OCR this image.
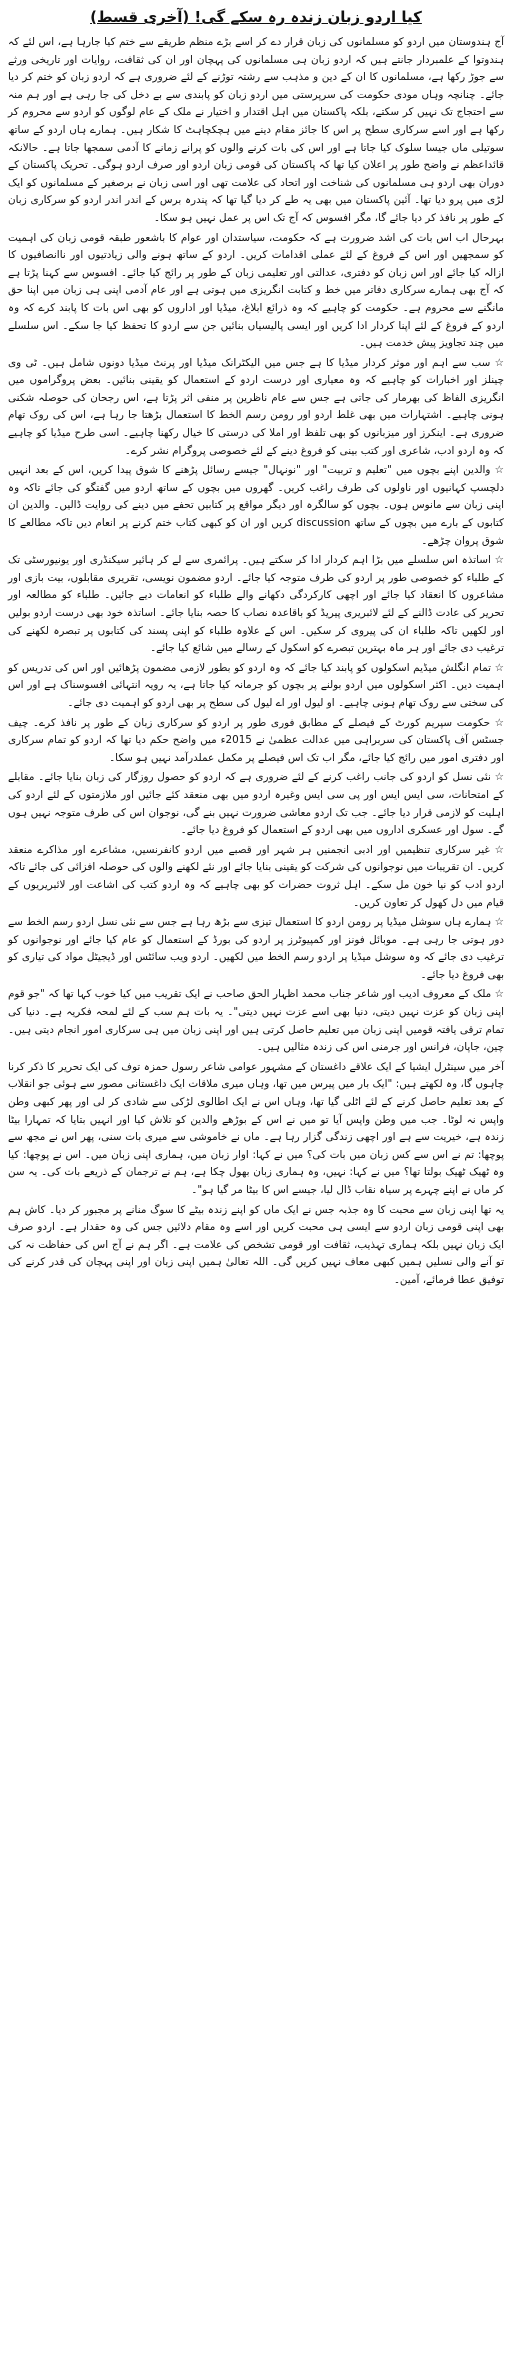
کیا اردو زبان زندہ رہ سکے گی! (آخری قسط)

آج ہندوستان میں اردو کو مسلمانوں کی زبان قرار دے کر اسے بڑے منظم طریقے سے ختم کیا جارہا ہے، اس لئے کہ ہندوتوا کے علمبردار جانتے ہیں کہ اردو زبان ہی مسلمانوں کی پہچان اور ان کی ثقافت، روایات اور تاریخی ورثے سے جوڑ رکھا ہے، مسلمانوں کا ان کے دین و مذہب سے رشتہ توڑنے کے لئے ضروری ہے کہ اردو زبان کو ختم کر دیا جائے۔ چنانچہ وہاں مودی حکومت کی سرپرستی میں اردو زبان کو پابندی سے بے دخل کی جا رہی ہے اور ہم منہ سے احتجاج تک نہیں کر سکتے، بلکہ پاکستان میں اہل اقتدار و اختیار نے ملک کے عام لوگوں کو اردو سے محروم کر رکھا ہے اور اسے سرکاری سطح پر اس کا جائز مقام دینے میں ہچکچاہٹ کا شکار ہیں۔ ہمارے ہاں اردو کے ساتھ سوتیلی ماں جیسا سلوک کیا جاتا ہے اور اس کی بات کرنے والوں کو پرانے زمانے کا آدمی سمجھا جاتا ہے۔ حالانکہ قائداعظم نے واضح طور پر اعلان کیا تھا کہ پاکستان کی قومی زبان اردو اور صرف اردو ہوگی۔ تحریک پاکستان کے دوران بھی اردو ہی مسلمانوں کی شناخت اور اتحاد کی علامت تھی اور اسی زبان نے برصغیر کے مسلمانوں کو ایک لڑی میں پرو دیا تھا۔ آئین پاکستان میں بھی یہ طے کر دیا گیا تھا کہ پندرہ برس کے اندر اندر اردو کو سرکاری زبان کے طور پر نافذ کر دیا جائے گا، مگر افسوس کہ آج تک اس پر عمل نہیں ہو سکا۔

بہرحال اب اس بات کی اشد ضرورت ہے کہ حکومت، سیاستدان اور عوام کا باشعور طبقہ قومی زبان کی اہمیت کو سمجھیں اور اس کے فروغ کے لئے عملی اقدامات کریں۔ اردو کے ساتھ ہونے والی زیادتیوں اور ناانصافیوں کا ازالہ کیا جائے اور اس زبان کو دفتری، عدالتی اور تعلیمی زبان کے طور پر رائج کیا جائے۔ افسوس سے کہنا پڑتا ہے کہ آج بھی ہمارے سرکاری دفاتر میں خط و کتابت انگریزی میں ہوتی ہے اور عام آدمی اپنی ہی زبان میں اپنا حق مانگنے سے محروم ہے۔ حکومت کو چاہیے کہ وہ ذرائع ابلاغ، میڈیا اور اداروں کو بھی اس بات کا پابند کرے کہ وہ اردو کے فروغ کے لئے اپنا کردار ادا کریں اور ایسی پالیسیاں بنائیں جن سے اردو کا تحفظ کیا جا سکے۔ اس سلسلے میں چند تجاویز پیش خدمت ہیں۔

☆ سب سے اہم اور موثر کردار میڈیا کا ہے جس میں الیکٹرانک میڈیا اور پرنٹ میڈیا دونوں شامل ہیں۔ ٹی وی چینلز اور اخبارات کو چاہیے کہ وہ معیاری اور درست اردو کے استعمال کو یقینی بنائیں۔ بعض پروگراموں میں انگریزی الفاظ کی بھرمار کی جاتی ہے جس سے عام ناظرین پر منفی اثر پڑتا ہے، اس رجحان کی حوصلہ شکنی ہونی چاہیے۔ اشتہارات میں بھی غلط اردو اور رومن رسم الخط کا استعمال بڑھتا جا رہا ہے، اس کی روک تھام ضروری ہے۔ اینکرز اور میزبانوں کو بھی تلفظ اور املا کی درستی کا خیال رکھنا چاہیے۔ اسی طرح میڈیا کو چاہیے کہ وہ اردو ادب، شاعری اور کتب بینی کو فروغ دینے کے لئے خصوصی پروگرام نشر کرے۔

☆ والدین اپنے بچوں میں "تعلیم و تربیت" اور "نونہال" جیسے رسائل پڑھنے کا شوق پیدا کریں، اس کے بعد انہیں دلچسپ کہانیوں اور ناولوں کی طرف راغب کریں۔ گھروں میں بچوں کے ساتھ اردو میں گفتگو کی جائے تاکہ وہ اپنی زبان سے مانوس ہوں۔ بچوں کو سالگرہ اور دیگر مواقع پر کتابیں تحفے میں دینے کی روایت ڈالیں۔ والدین ان کتابوں کے بارے میں بچوں کے ساتھ discussion کریں اور ان کو کبھی کتاب ختم کرنے پر انعام دیں تاکہ مطالعے کا شوق پروان چڑھے۔

☆ اساتذہ اس سلسلے میں بڑا اہم کردار ادا کر سکتے ہیں۔ پرائمری سے لے کر ہائیر سیکنڈری اور یونیورسٹی تک کے طلباء کو خصوصی طور پر اردو کی طرف متوجہ کیا جائے۔ اردو مضمون نویسی، تقریری مقابلوں، بیت بازی اور مشاعروں کا انعقاد کیا جائے اور اچھی کارکردگی دکھانے والے طلباء کو انعامات دیے جائیں۔ طلباء کو مطالعہ اور تحریر کی عادت ڈالنے کے لئے لائبریری پیریڈ کو باقاعدہ نصاب کا حصہ بنایا جائے۔ اساتذہ خود بھی درست اردو بولیں اور لکھیں تاکہ طلباء ان کی پیروی کر سکیں۔ اس کے علاوہ طلباء کو اپنی پسند کی کتابوں پر تبصرہ لکھنے کی ترغیب دی جائے اور ہر ماہ بہترین تبصرے کو اسکول کے رسالے میں شائع کیا جائے۔

☆ تمام انگلش میڈیم اسکولوں کو پابند کیا جائے کہ وہ اردو کو بطور لازمی مضمون پڑھائیں اور اس کی تدریس کو اہمیت دیں۔ اکثر اسکولوں میں اردو بولنے پر بچوں کو جرمانہ کیا جاتا ہے، یہ رویہ انتہائی افسوسناک ہے اور اس کی سختی سے روک تھام ہونی چاہیے۔ او لیول اور اے لیول کی سطح پر بھی اردو کو اہمیت دی جائے۔

☆ حکومت سپریم کورٹ کے فیصلے کے مطابق فوری طور پر اردو کو سرکاری زبان کے طور پر نافذ کرے۔ چیف جسٹس آف پاکستان کی سربراہی میں عدالت عظمیٰ نے 2015ء میں واضح حکم دیا تھا کہ اردو کو تمام سرکاری اور دفتری امور میں رائج کیا جائے، مگر اب تک اس فیصلے پر مکمل عملدرآمد نہیں ہو سکا۔

☆ نئی نسل کو اردو کی جانب راغب کرنے کے لئے ضروری ہے کہ اردو کو حصول روزگار کی زبان بنایا جائے۔ مقابلے کے امتحانات، سی ایس ایس اور پی سی ایس وغیرہ اردو میں بھی منعقد کئے جائیں اور ملازمتوں کے لئے اردو کی اہلیت کو لازمی قرار دیا جائے۔ جب تک اردو معاشی ضرورت نہیں بنے گی، نوجوان اس کی طرف متوجہ نہیں ہوں گے۔ سول اور عسکری اداروں میں بھی اردو کے استعمال کو فروغ دیا جائے۔

☆ غیر سرکاری تنظیمیں اور ادبی انجمنیں ہر شہر اور قصبے میں اردو کانفرنسیں، مشاعرے اور مذاکرے منعقد کریں۔ ان تقریبات میں نوجوانوں کی شرکت کو یقینی بنایا جائے اور نئے لکھنے والوں کی حوصلہ افزائی کی جائے تاکہ اردو ادب کو نیا خون مل سکے۔ اہل ثروت حضرات کو بھی چاہیے کہ وہ اردو کتب کی اشاعت اور لائبریریوں کے قیام میں دل کھول کر تعاون کریں۔

☆ ہمارے ہاں سوشل میڈیا پر رومن اردو کا استعمال تیزی سے بڑھ رہا ہے جس سے نئی نسل اردو رسم الخط سے دور ہوتی جا رہی ہے۔ موبائل فونز اور کمپیوٹرز پر اردو کی بورڈ کے استعمال کو عام کیا جائے اور نوجوانوں کو ترغیب دی جائے کہ وہ سوشل میڈیا پر اردو رسم الخط میں لکھیں۔ اردو ویب سائٹس اور ڈیجیٹل مواد کی تیاری کو بھی فروغ دیا جائے۔

☆ ملک کے معروف ادیب اور شاعر جناب محمد اظہار الحق صاحب نے ایک تقریب میں کیا خوب کہا تھا کہ "جو قوم اپنی زبان کو عزت نہیں دیتی، دنیا بھی اسے عزت نہیں دیتی"۔ یہ بات ہم سب کے لئے لمحہ فکریہ ہے۔ دنیا کی تمام ترقی یافتہ قومیں اپنی زبان میں تعلیم حاصل کرتی ہیں اور اپنی زبان میں ہی سرکاری امور انجام دیتی ہیں۔ چین، جاپان، فرانس اور جرمنی اس کی زندہ مثالیں ہیں۔

آخر میں سینٹرل ایشیا کے ایک علاقے داغستان کے مشہور عوامی شاعر رسول حمزہ توف کی ایک تحریر کا ذکر کرنا چاہوں گا، وہ لکھتے ہیں: "ایک بار میں پیرس میں تھا، وہاں میری ملاقات ایک داغستانی مصور سے ہوئی جو انقلاب کے بعد تعلیم حاصل کرنے کے لئے اٹلی گیا تھا، وہاں اس نے ایک اطالوی لڑکی سے شادی کر لی اور پھر کبھی وطن واپس نہ لوٹا۔ جب میں وطن واپس آیا تو میں نے اس کے بوڑھے والدین کو تلاش کیا اور انہیں بتایا کہ تمہارا بیٹا زندہ ہے، خیریت سے ہے اور اچھی زندگی گزار رہا ہے۔ ماں نے خاموشی سے میری بات سنی، پھر اس نے مجھ سے پوچھا: تم نے اس سے کس زبان میں بات کی؟ میں نے کہا: اوار زبان میں، ہماری اپنی زبان میں۔ اس نے پوچھا: کیا وہ ٹھیک ٹھیک بولتا تھا؟ میں نے کہا: نہیں، وہ ہماری زبان بھول چکا ہے، ہم نے ترجمان کے ذریعے بات کی۔ یہ سن کر ماں نے اپنے چہرے پر سیاہ نقاب ڈال لیا، جیسے اس کا بیٹا مر گیا ہو"۔

یہ تھا اپنی زبان سے محبت کا وہ جذبہ جس نے ایک ماں کو اپنے زندہ بیٹے کا سوگ منانے پر مجبور کر دیا۔ کاش ہم بھی اپنی قومی زبان اردو سے ایسی ہی محبت کریں اور اسے وہ مقام دلائیں جس کی وہ حقدار ہے۔ اردو صرف ایک زبان نہیں بلکہ ہماری تہذیب، ثقافت اور قومی تشخص کی علامت ہے۔ اگر ہم نے آج اس کی حفاظت نہ کی تو آنے والی نسلیں ہمیں کبھی معاف نہیں کریں گی۔ اللہ تعالیٰ ہمیں اپنی زبان اور اپنی پہچان کی قدر کرنے کی توفیق عطا فرمائے، آمین۔
